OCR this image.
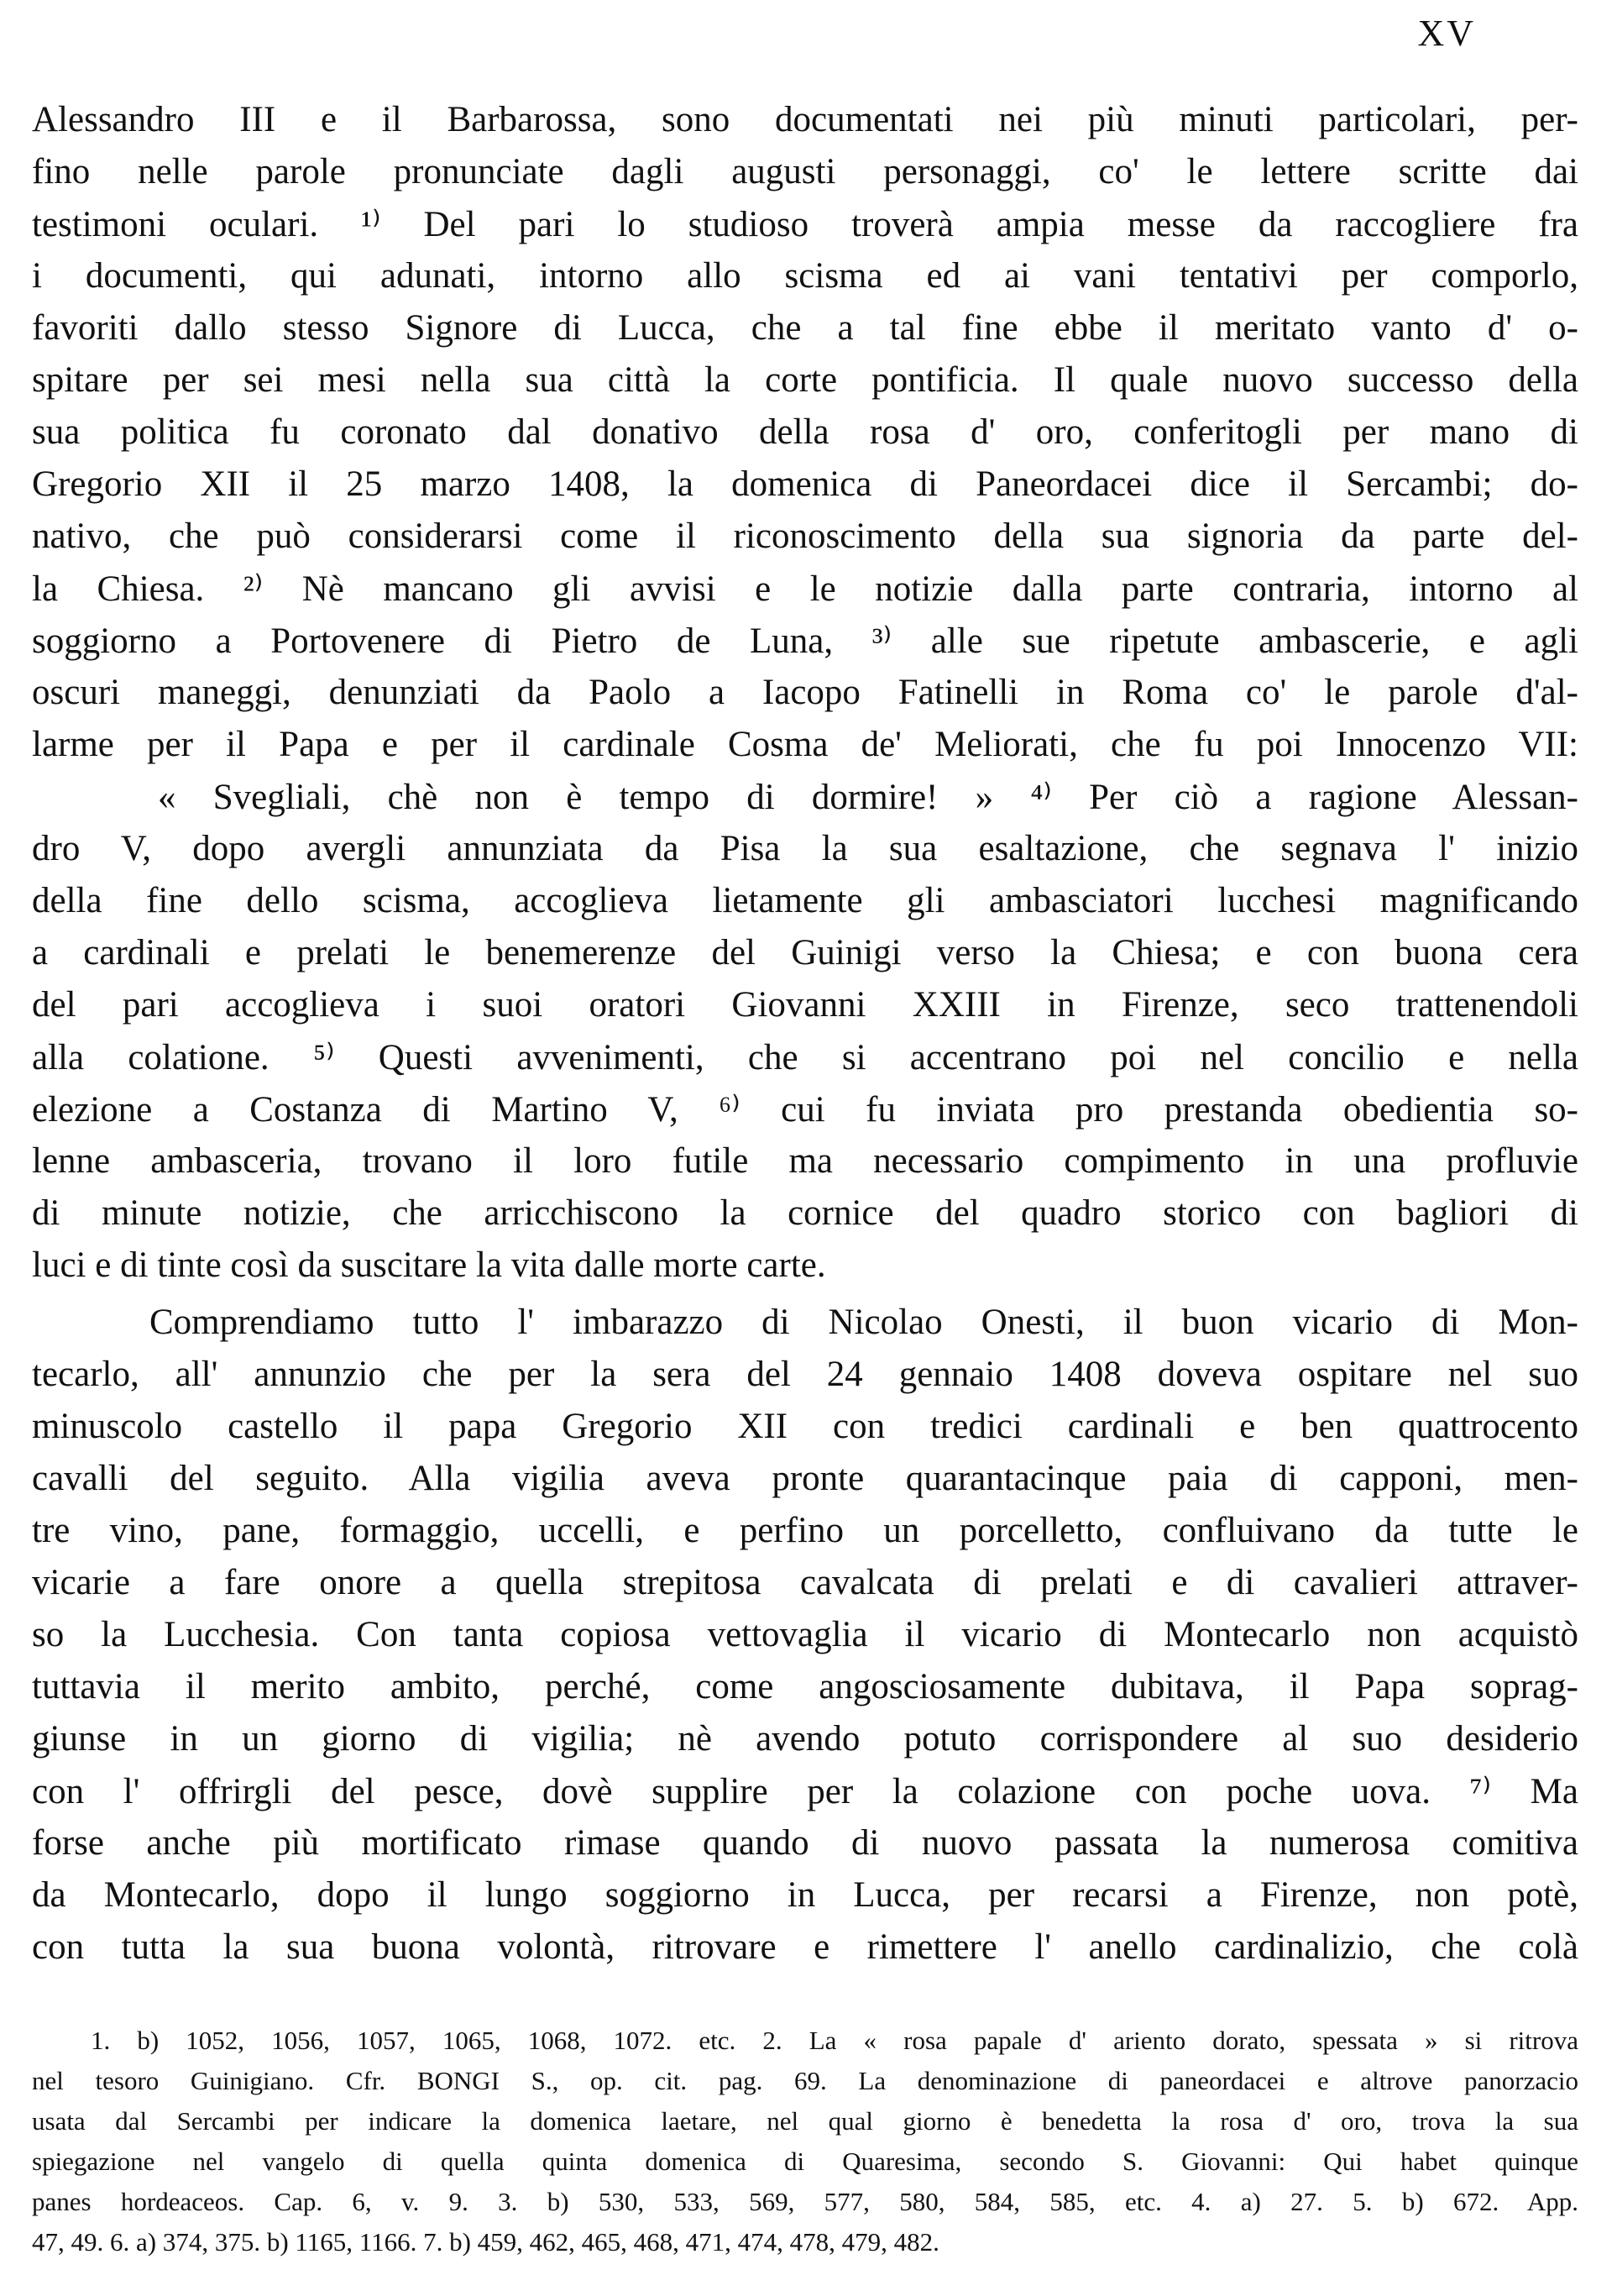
XV
Alessandro III e il Barbarossa, sono documentati nei più minuti particolari, per-
fino nelle parole pronunciate dagli augusti personaggi, co' le lettere scritte dai
testimoni oculari. ¹⁾ Del pari lo studioso troverà ampia messe da raccogliere fra
i documenti, qui adunati, intorno allo scisma ed ai vani tentativi per comporlo,
favoriti dallo stesso Signore di Lucca, che a tal fine ebbe il meritato vanto d' o-
spitare per sei mesi nella sua città la corte pontificia. Il quale nuovo successo della
sua politica fu coronato dal donativo della rosa d' oro, conferitogli per mano di
Gregorio XII il 25 marzo 1408, la domenica di Paneordacei dice il Sercambi; do-
nativo, che può considerarsi come il riconoscimento della sua signoria da parte del-
la Chiesa. ²⁾ Nè mancano gli avvisi e le notizie dalla parte contraria, intorno al
soggiorno a Portovenere di Pietro de Luna, ³⁾ alle sue ripetute ambascerie, e agli
oscuri maneggi, denunziati da Paolo a Iacopo Fatinelli in Roma co' le parole d'al-
larme per il Papa e per il cardinale Cosma de' Meliorati, che fu poi Innocenzo VII:
« Svegliali, chè non è tempo di dormire! » ⁴⁾ Per ciò a ragione Alessan-
dro V, dopo avergli annunziata da Pisa la sua esaltazione, che segnava l' inizio
della fine dello scisma, accoglieva lietamente gli ambasciatori lucchesi magnificando
a cardinali e prelati le benemerenze del Guinigi verso la Chiesa; e con buona cera
del pari accoglieva i suoi oratori Giovanni XXIII in Firenze, seco trattenendoli
alla colatione. ⁵⁾ Questi avvenimenti, che si accentrano poi nel concilio e nella
elezione a Costanza di Martino V, ⁶⁾ cui fu inviata pro prestanda obedientia so-
lenne ambasceria, trovano il loro futile ma necessario compimento in una profluvie
di minute notizie, che arricchiscono la cornice del quadro storico con bagliori di
luci e di tinte così da suscitare la vita dalle morte carte.
Comprendiamo tutto l' imbarazzo di Nicolao Onesti, il buon vicario di Mon-
tecarlo, all' annunzio che per la sera del 24 gennaio 1408 doveva ospitare nel suo
minuscolo castello il papa Gregorio XII con tredici cardinali e ben quattrocento
cavalli del seguito. Alla vigilia aveva pronte quarantacinque paia di capponi, men-
tre vino, pane, formaggio, uccelli, e perfino un porcelletto, confluivano da tutte le
vicarie a fare onore a quella strepitosa cavalcata di prelati e di cavalieri attraver-
so la Lucchesia. Con tanta copiosa vettovaglia il vicario di Montecarlo non acquistò
tuttavia il merito ambito, perché, come angosciosamente dubitava, il Papa soprag-
giunse in un giorno di vigilia; nè avendo potuto corrispondere al suo desiderio
con l' offrirgli del pesce, dovè supplire per la colazione con poche uova. ⁷⁾ Ma
forse anche più mortificato rimase quando di nuovo passata la numerosa comitiva
da Montecarlo, dopo il lungo soggiorno in Lucca, per recarsi a Firenze, non potè,
con tutta la sua buona volontà, ritrovare e rimettere l' anello cardinalizio, che colà
1. b) 1052, 1056, 1057, 1065, 1068, 1072. etc. 2. La « rosa papale d' ariento dorato, spessata » si ritrova
nel tesoro Guinigiano. Cfr. BONGI S., op. cit. pag. 69. La denominazione di paneordacei e altrove panorzacio
usata dal Sercambi per indicare la domenica laetare, nel qual giorno è benedetta la rosa d' oro, trova la sua
spiegazione nel vangelo di quella quinta domenica di Quaresima, secondo S. Giovanni: Qui habet quinque
panes hordeaceos. Cap. 6, v. 9. 3. b) 530, 533, 569, 577, 580, 584, 585, etc. 4. a) 27. 5. b) 672. App.
47, 49. 6. a) 374, 375. b) 1165, 1166. 7. b) 459, 462, 465, 468, 471, 474, 478, 479, 482.
